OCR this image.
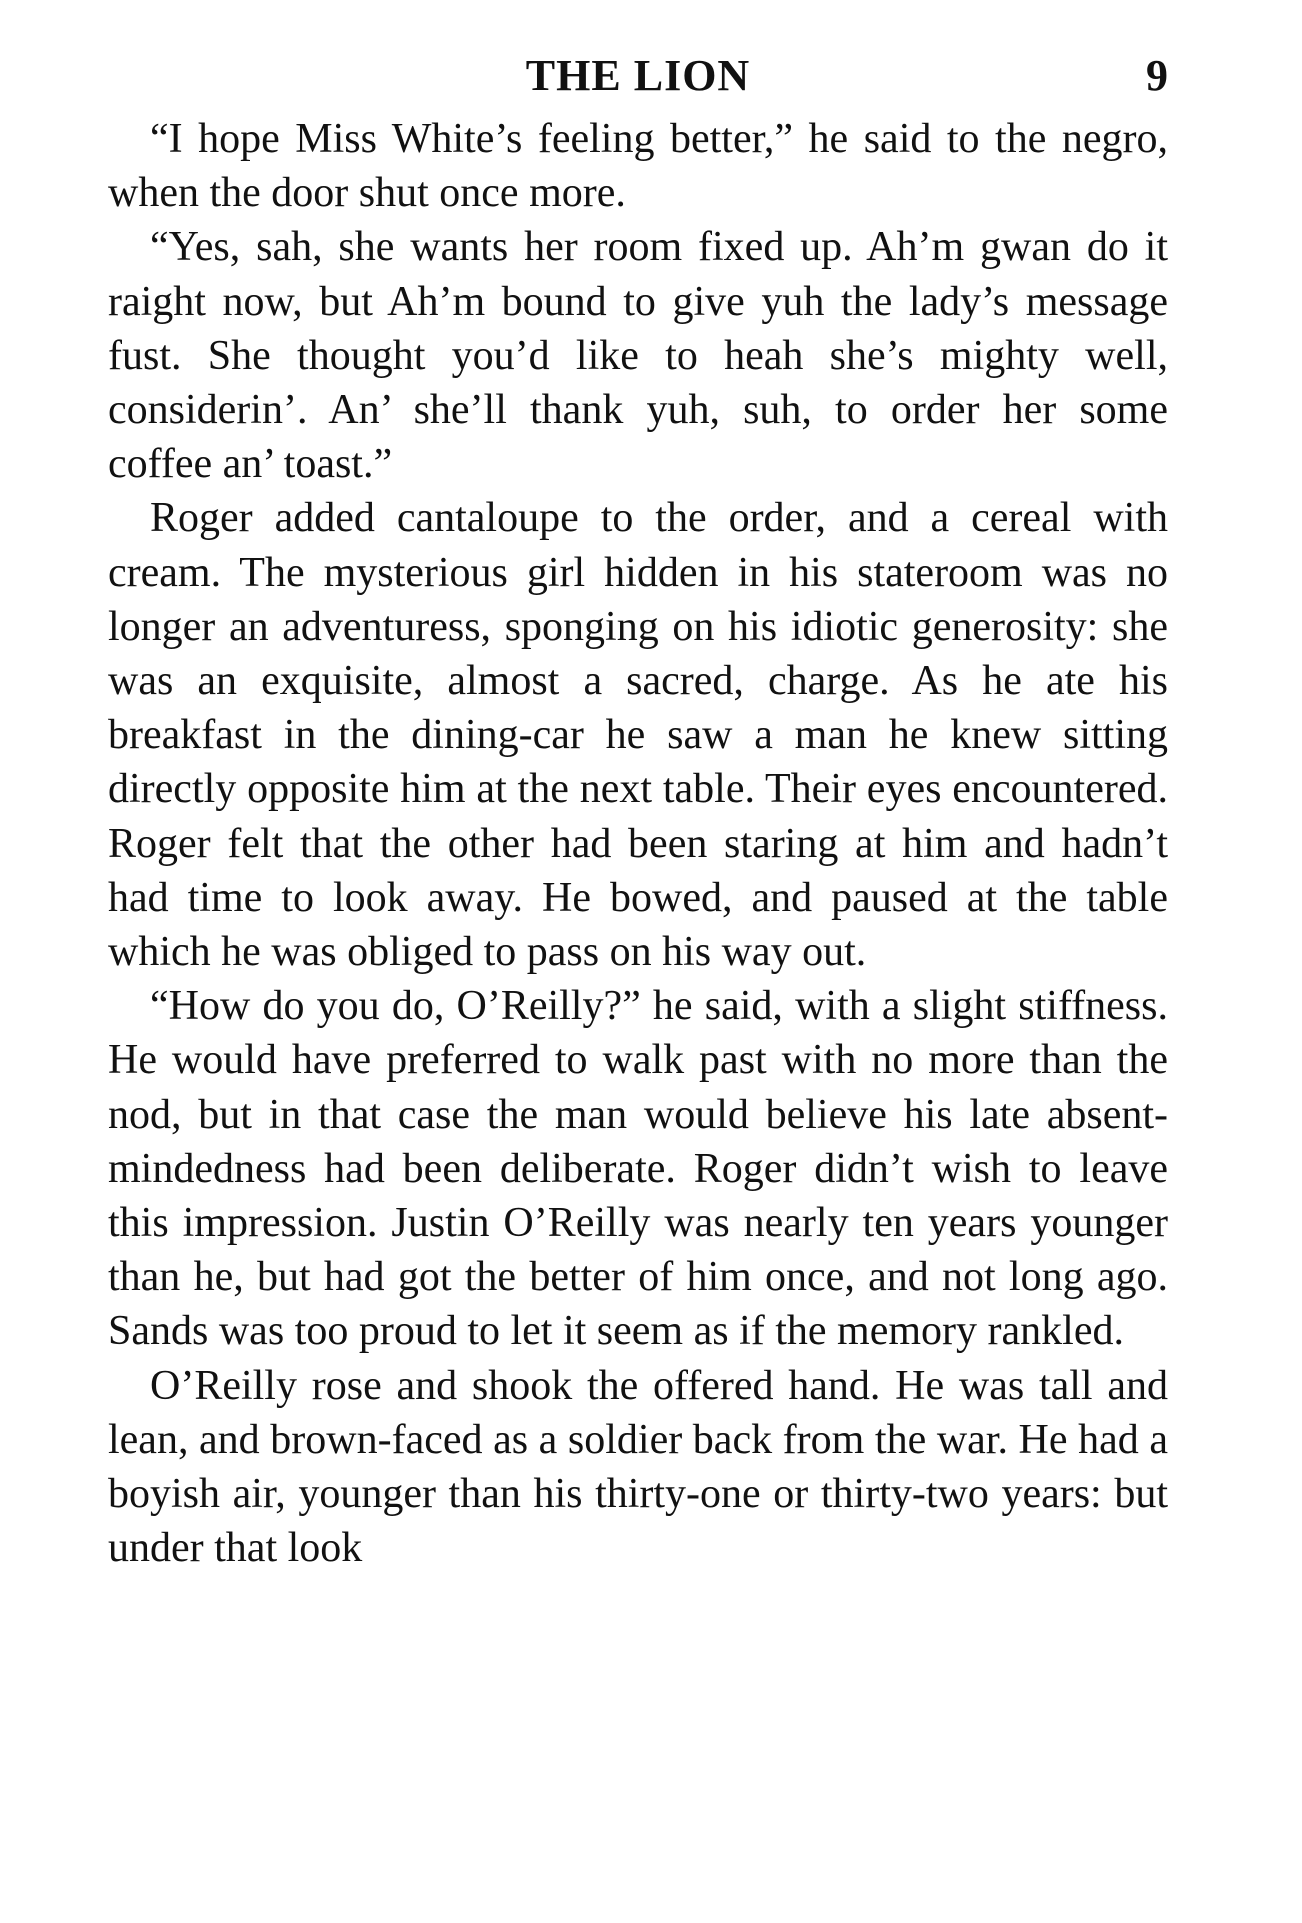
THE LION	9

“I hope Miss White’s feeling better,” he said to the negro, when the door shut once more.

“Yes, sah, she wants her room fixed up. Ah’m gwan do it raight now, but Ah’m bound to give yuh the lady’s message fust. She thought you’d like to heah she’s mighty well, considerin’. An’ she’ll thank yuh, suh, to order her some coffee an’ toast.”

Roger added cantaloupe to the order, and a cereal with cream. The mysterious girl hidden in his stateroom was no longer an adventuress, sponging on his idiotic generosity: she was an exquisite, almost a sacred, charge. As he ate his breakfast in the dining-car he saw a man he knew sitting directly opposite him at the next table. Their eyes encountered. Roger felt that the other had been staring at him and hadn’t had time to look away. He bowed, and paused at the table which he was obliged to pass on his way out.

“How do you do, O’Reilly?” he said, with a slight stiffness. He would have preferred to walk past with no more than the nod, but in that case the man would believe his late absent-mindedness had been deliberate. Roger didn’t wish to leave this impression. Justin O’Reilly was nearly ten years younger than he, but had got the better of him once, and not long ago. Sands was too proud to let it seem as if the memory rankled.

O’Reilly rose and shook the offered hand. He was tall and lean, and brown-faced as a soldier back from the war. He had a boyish air, younger than his thirty-one or thirty-two years: but under that look
